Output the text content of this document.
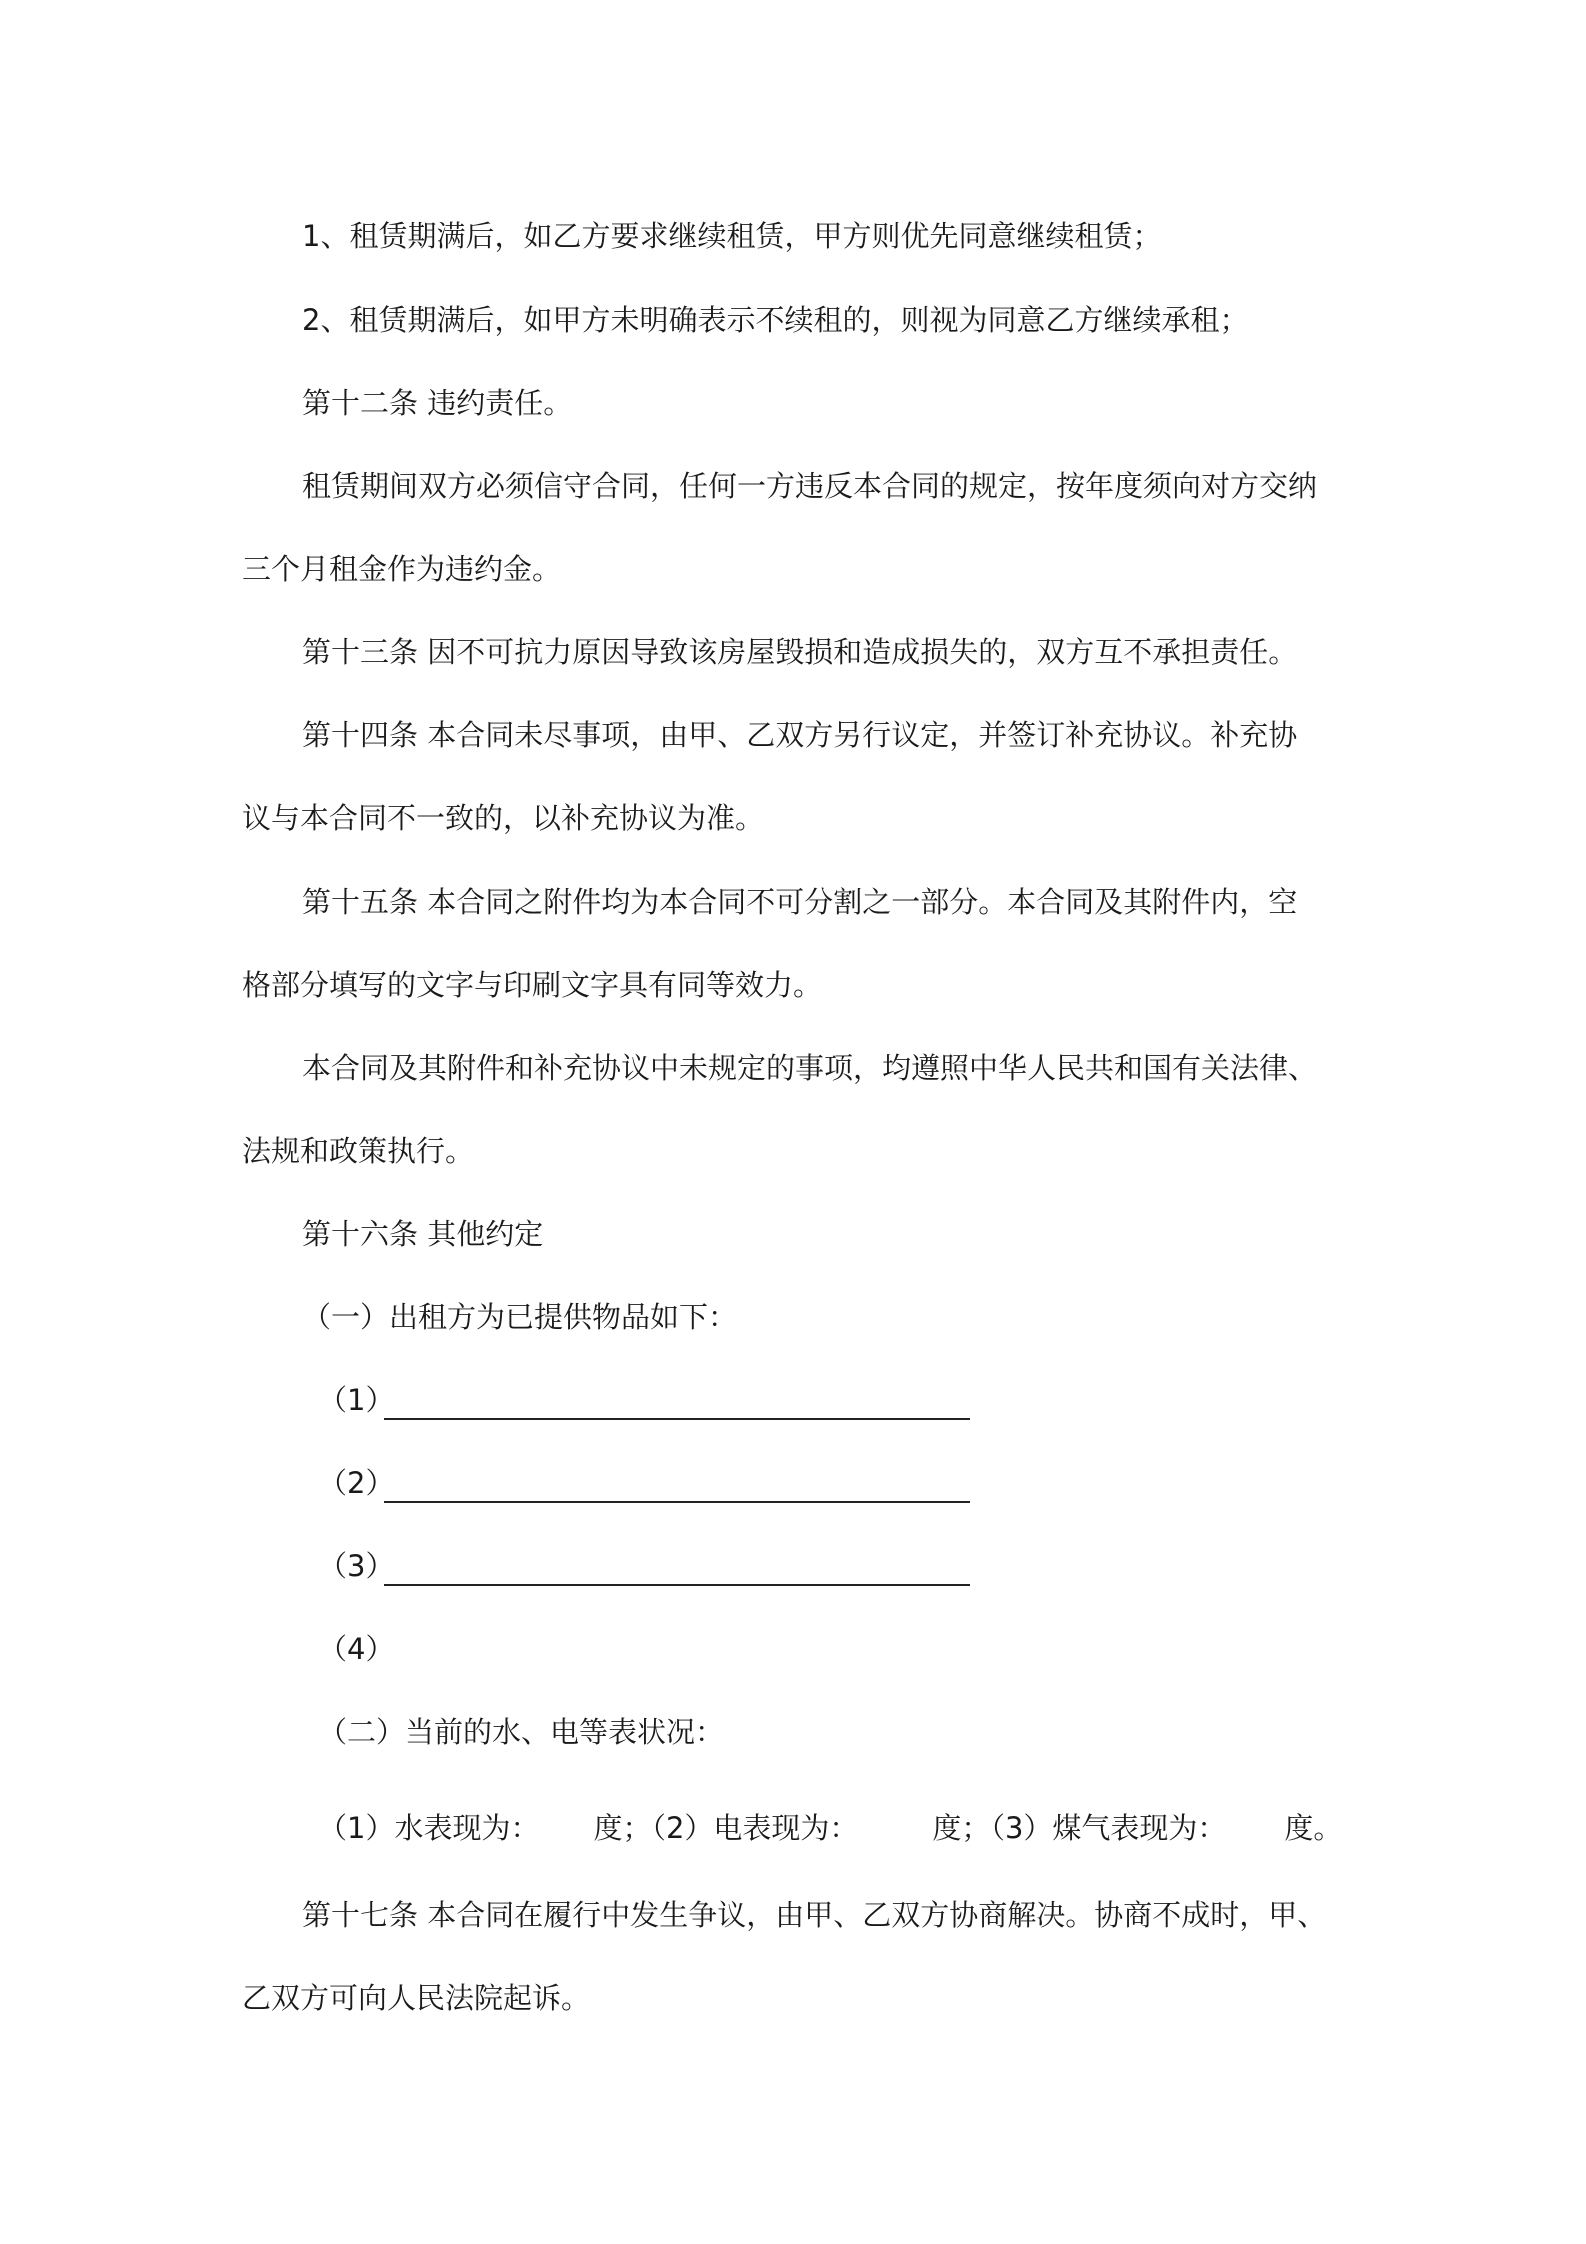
1、租赁期满后，如乙方要求继续租赁，甲方则优先同意继续租赁；
2、租赁期满后，如甲方未明确表示不续租的，则视为同意乙方继续承租；
第十二条 违约责任。
租赁期间双方必须信守合同，任何一方违反本合同的规定，按年度须向对方交纳
三个月租金作为违约金。
第十三条 因不可抗力原因导致该房屋毁损和造成损失的，双方互不承担责任。
第十四条 本合同未尽事项，由甲、乙双方另行议定，并签订补充协议。补充协
议与本合同不一致的，以补充协议为准。
第十五条 本合同之附件均为本合同不可分割之一部分。本合同及其附件内，空
格部分填写的文字与印刷文字具有同等效力。
本合同及其附件和补充协议中未规定的事项，均遵照中华人民共和国有关法律、
法规和政策执行。
第十六条 其他约定
（一）出租方为已提供物品如下：
（1）
（2）
（3）
（4）
（二）当前的水、电等表状况：
（1）水表现为： 度；（2）电表现为：	度；（3）煤气表现为： 度。
第十七条 本合同在履行中发生争议，由甲、乙双方协商解决。协商不成时，甲、
乙双方可向人民法院起诉。
